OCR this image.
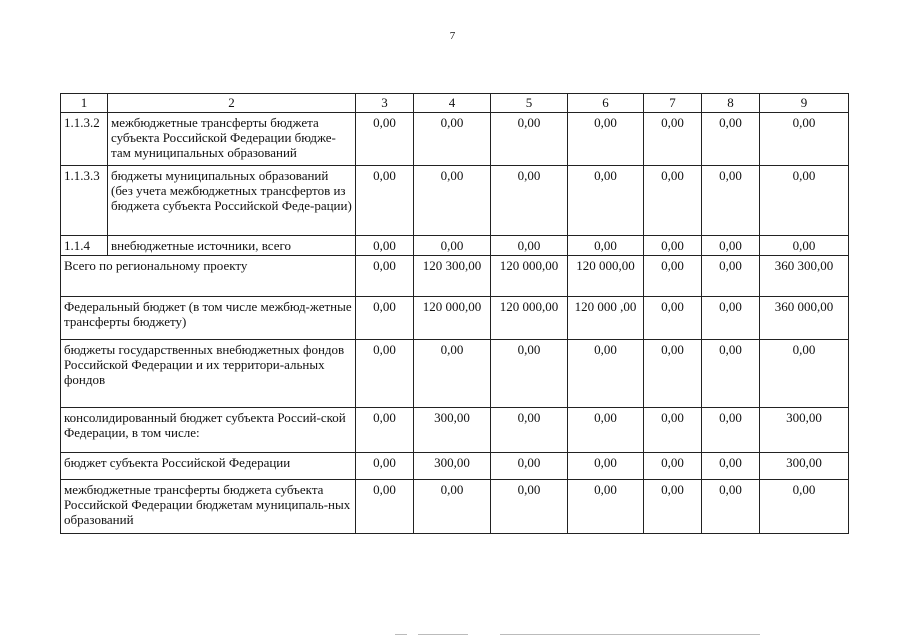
7
1	2	3	4	5	6	7	8	9
1.1.3.2	межбюджетные трансферты бюджета субъекта Российской Федерации бюдже-там муниципальных образований	0,00	0,00	0,00	0,00	0,00	0,00	0,00
1.1.3.3	бюджеты муниципальных образований (без учета межбюджетных трансфертов из бюджета субъекта Российской Феде-рации)	0,00	0,00	0,00	0,00	0,00	0,00	0,00
1.1.4	внебюджетные источники, всего	0,00	0,00	0,00	0,00	0,00	0,00	0,00
Всего по региональному проекту		0,00	120 300,00	120 000,00	120 000,00	0,00	0,00	360 300,00
Федеральный бюджет (в том числе межбюд-жетные трансферты бюджету)		0,00	120 000,00	120 000,00	120 000 ,00	0,00	0,00	360 000,00
бюджеты государственных внебюджетных фондов Российской Федерации и их территори-альных фондов		0,00	0,00	0,00	0,00	0,00	0,00	0,00
консолидированный бюджет субъекта Россий-ской Федерации, в том числе:		0,00	300,00	0,00	0,00	0,00	0,00	300,00
бюджет субъекта Российской Федерации		0,00	300,00	0,00	0,00	0,00	0,00	300,00
межбюджетные трансферты бюджета субъекта Российской Федерации бюджетам муниципаль-ных образований		0,00	0,00	0,00	0,00	0,00	0,00	0,00
